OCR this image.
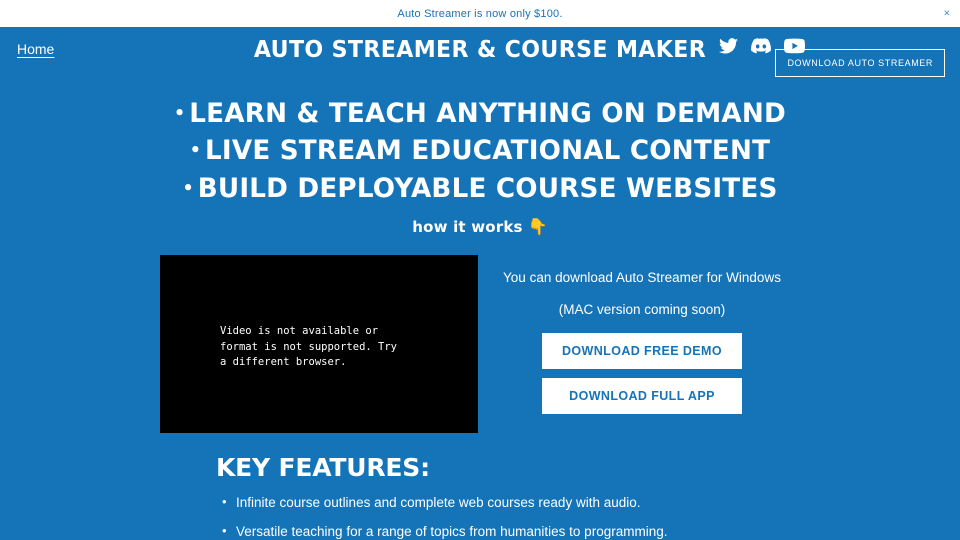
Auto Streamer is now only $100.	×
Home	AUTO STREAMER & COURSE MAKER	DOWNLOAD AUTO STREAMER
• LEARN & TEACH ANYTHING ON DEMAND
• LIVE STREAM EDUCATIONAL CONTENT
• BUILD DEPLOYABLE COURSE WEBSITES
how it works 👇
Video is not available or format is not supported. Try a different browser.
You can download Auto Streamer for Windows
(MAC version coming soon)
DOWNLOAD FREE DEMO
DOWNLOAD FULL APP
KEY FEATURES:
• Infinite course outlines and complete web courses ready with audio.
• Versatile teaching for a range of topics from humanities to programming.
